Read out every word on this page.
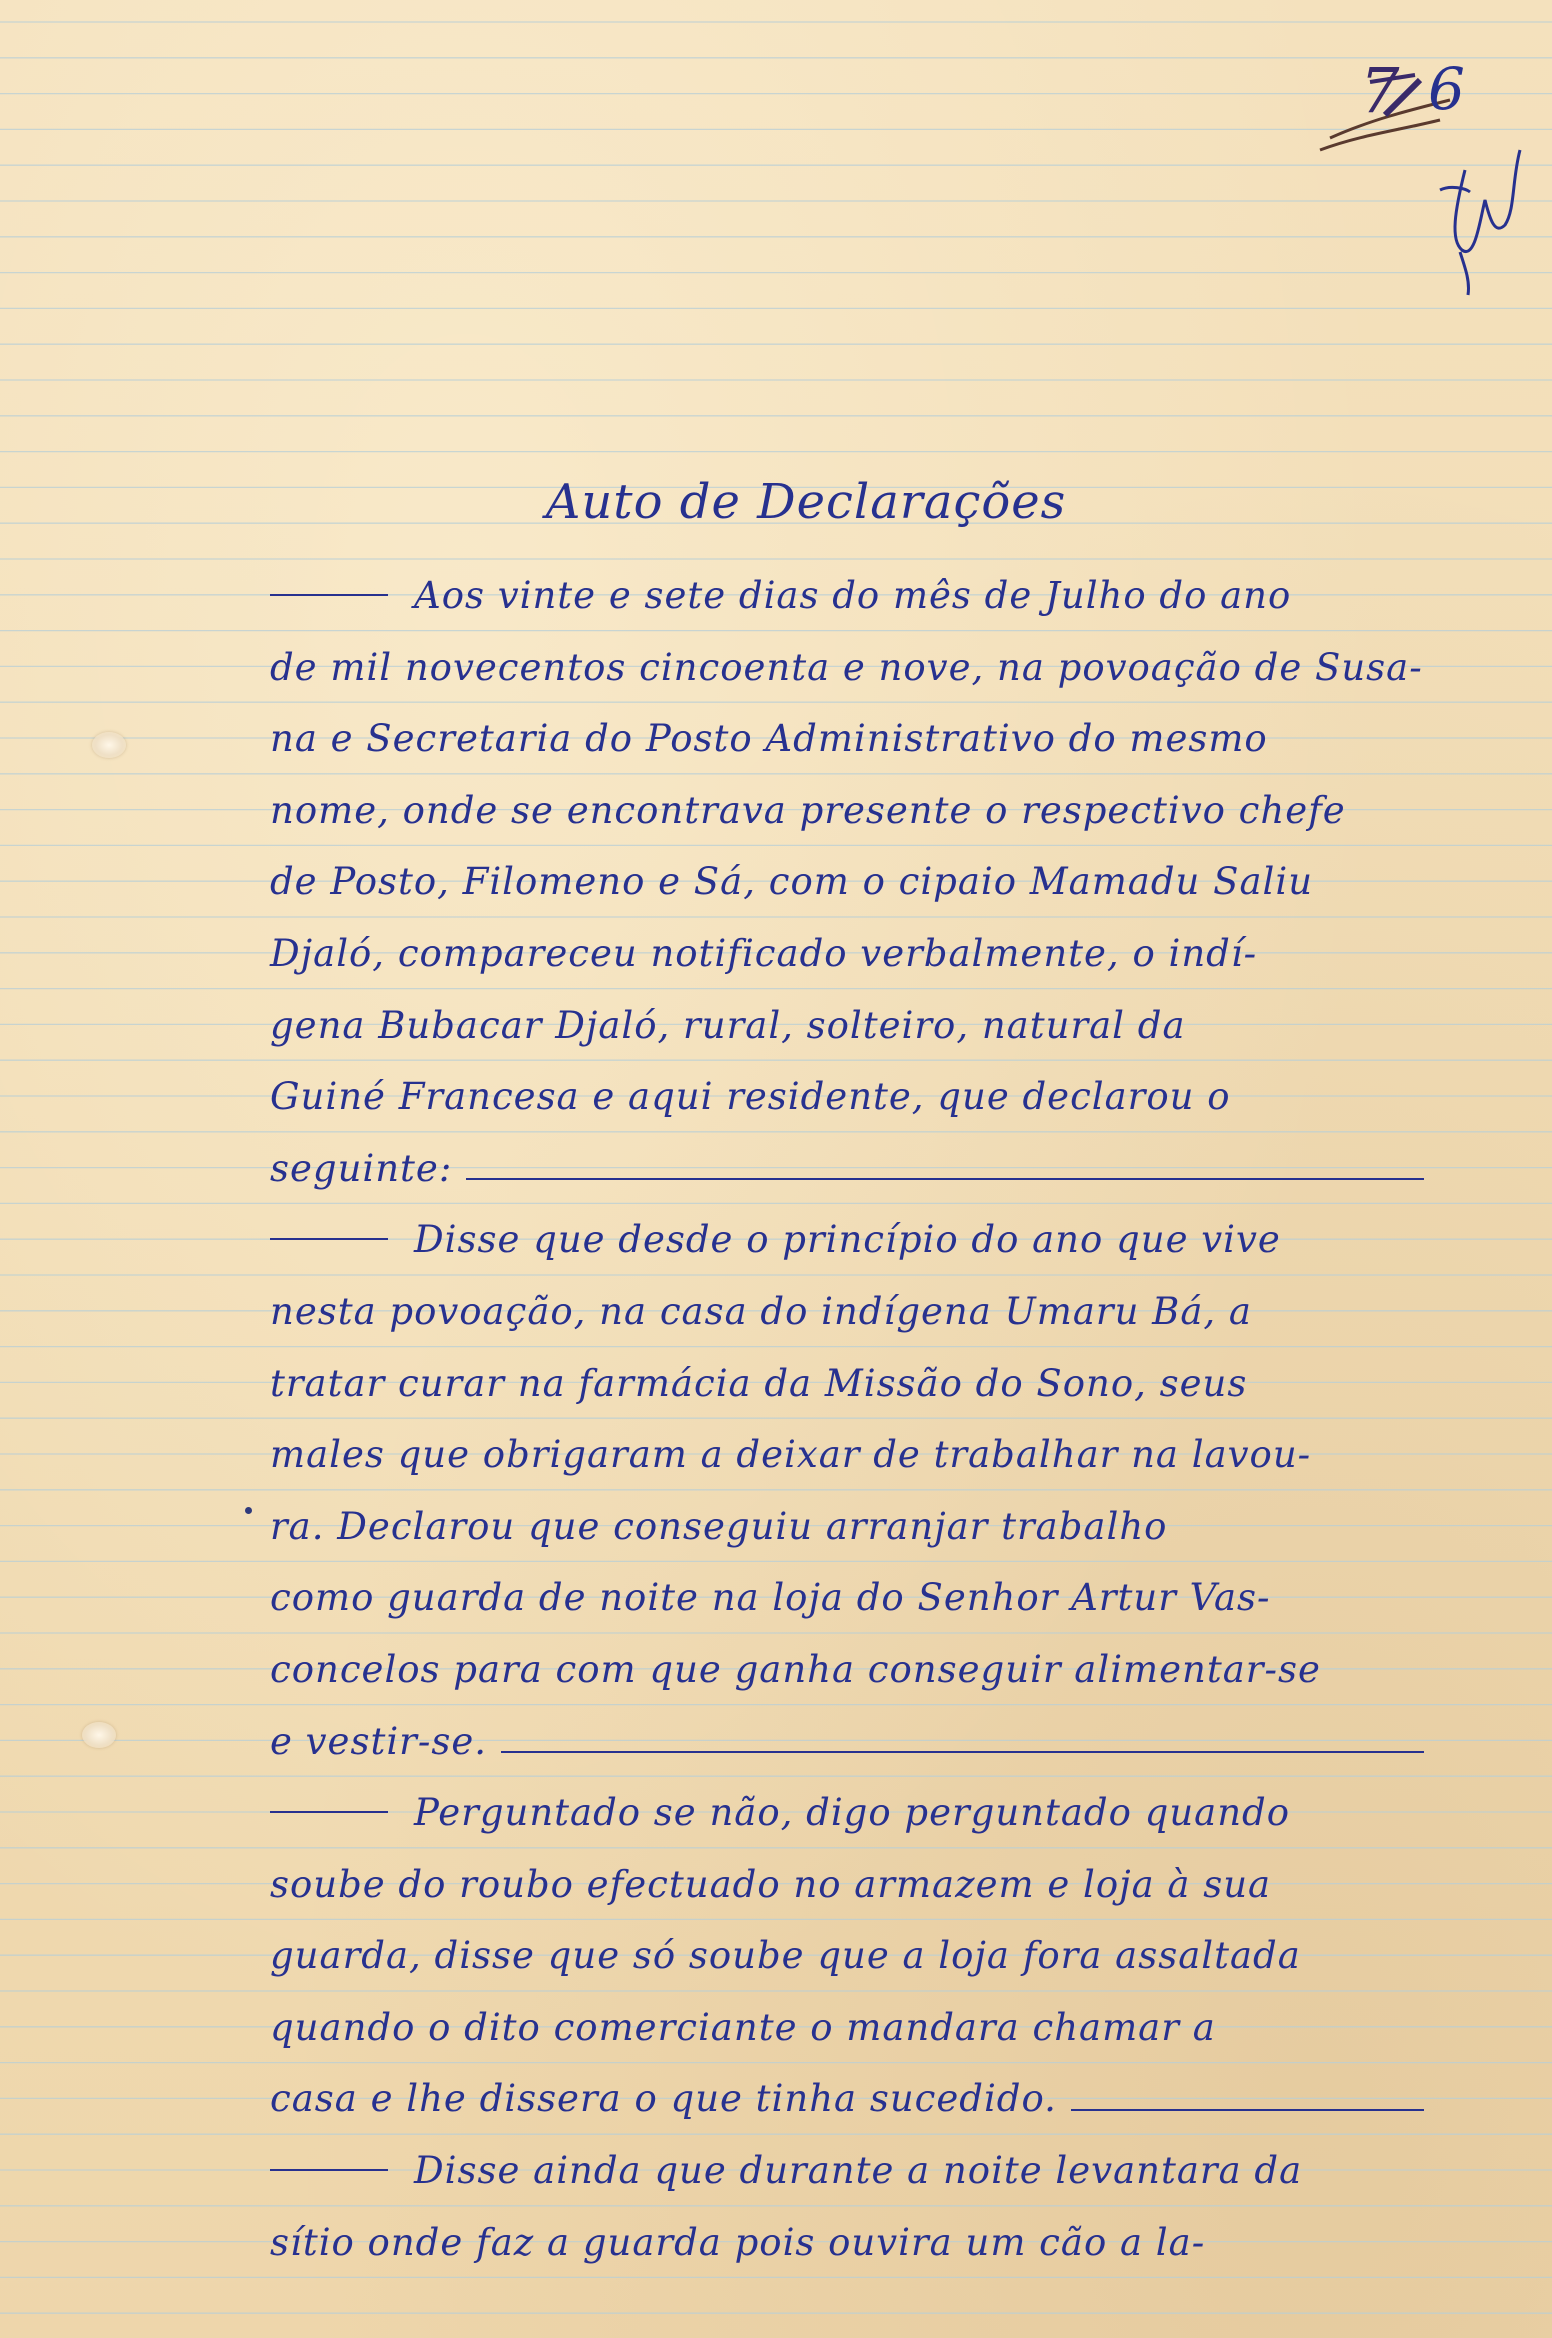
7 6
Auto de Declarações
Aos vinte e sete dias do mês de Julho do ano
de mil novecentos cincoenta e nove, na povoação de Susa-
na e Secretaria do Posto Administrativo do mesmo
nome, onde se encontrava presente o respectivo chefe
de Posto, Filomeno e Sá, com o cipaio Mamadu Saliu
Djaló, compareceu notificado verbalmente, o indí-
gena Bubacar Djaló, rural, solteiro, natural da
Guiné Francesa e aqui residente, que declarou o
seguinte:
Disse que desde o princípio do ano que vive
nesta povoação, na casa do indígena Umaru Bá, a
tratar curar na farmácia da Missão do Sono, seus
males que obrigaram a deixar de trabalhar na lavou-
ra. Declarou que conseguiu arranjar trabalho
como guarda de noite na loja do Senhor Artur Vas-
concelos para com que ganha conseguir alimentar-se
e vestir-se.
Perguntado se não, digo perguntado quando
soube do roubo efectuado no armazem e loja à sua
guarda, disse que só soube que a loja fora assaltada
quando o dito comerciante o mandara chamar a
casa e lhe dissera o que tinha sucedido.
Disse ainda que durante a noite levantara da
sítio onde faz a guarda pois ouvira um cão a la-
